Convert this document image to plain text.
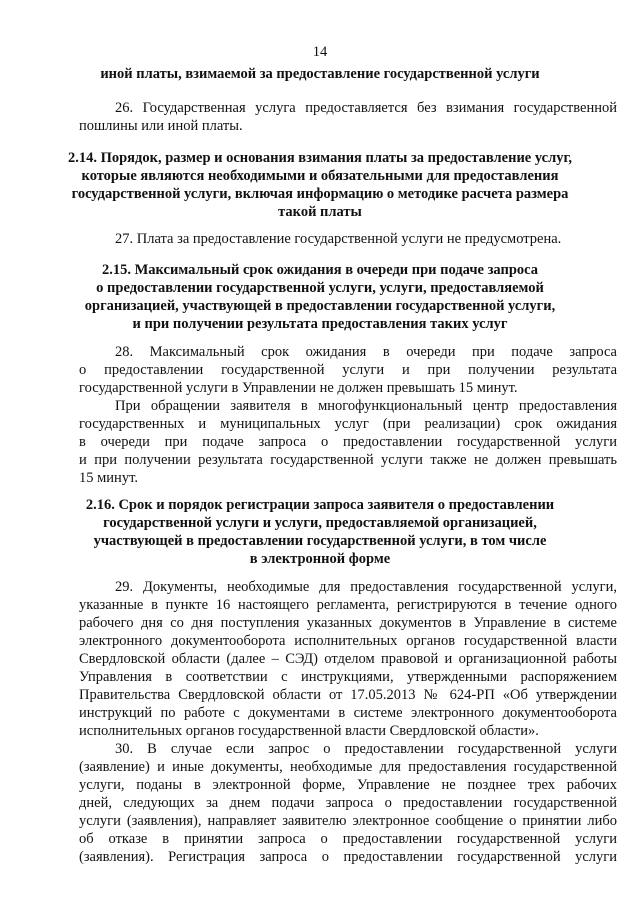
14
иной платы, взимаемой за предоставление государственной услуги
26. Государственная услуга предоставляется без взимания государственной
пошлины или иной платы.
2.14. Порядок, размер и основания взимания платы за предоставление услуг,
которые являются необходимыми и обязательными для предоставления
государственной услуги, включая информацию о методике расчета размера
такой платы
27. Плата за предоставление государственной услуги не предусмотрена.
2.15. Максимальный срок ожидания в очереди при подаче запроса
о предоставлении государственной услуги, услуги, предоставляемой
организацией, участвующей в предоставлении государственной услуги,
и при получении результата предоставления таких услуг
28. Максимальный срок ожидания в очереди при подаче запроса
о предоставлении государственной услуги и при получении результата
государственной услуги в Управлении не должен превышать 15 минут.
При обращении заявителя в многофункциональный центр предоставления
государственных и муниципальных услуг (при реализации) срок ожидания
в очереди при подаче запроса о предоставлении государственной услуги
и при получении результата государственной услуги также не должен превышать
15 минут.
2.16. Срок и порядок регистрации запроса заявителя о предоставлении
государственной услуги и услуги, предоставляемой организацией,
участвующей в предоставлении государственной услуги, в том числе
в электронной форме
29. Документы, необходимые для предоставления государственной услуги,
указанные в пункте 16 настоящего регламента, регистрируются в течение одного
рабочего дня со дня поступления указанных документов в Управление в системе
электронного документооборота исполнительных органов государственной власти
Свердловской области (далее – СЭД) отделом правовой и организационной работы
Управления в соответствии с инструкциями, утвержденными распоряжением
Правительства Свердловской области от 17.05.2013 № 624-РП «Об утверждении
инструкций по работе с документами в системе электронного документооборота
исполнительных органов государственной власти Свердловской области».
30. В случае если запрос о предоставлении государственной услуги
(заявление) и иные документы, необходимые для предоставления государственной
услуги, поданы в электронной форме, Управление не позднее трех рабочих
дней, следующих за днем подачи запроса о предоставлении государственной
услуги (заявления), направляет заявителю электронное сообщение о принятии либо
об отказе в принятии запроса о предоставлении государственной услуги
(заявления). Регистрация запроса о предоставлении государственной услуги
